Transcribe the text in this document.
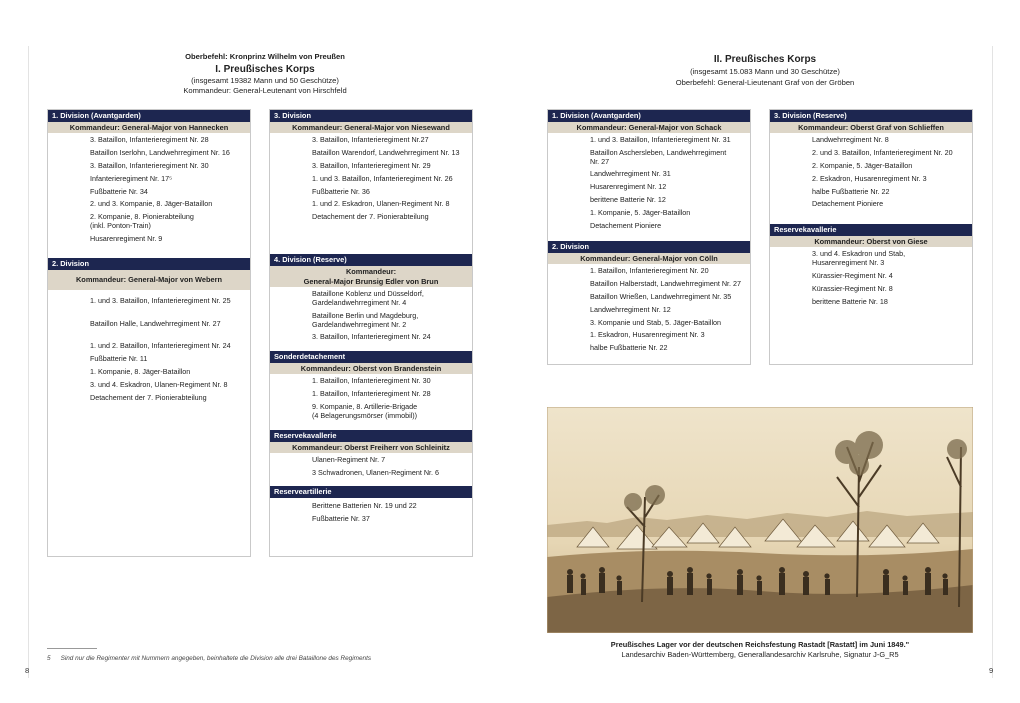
Oberbefehl: Kronprinz Wilhelm von Preußen
I. Preußisches Korps
(insgesamt 19382 Mann und 50 Geschütze)
Kommandeur: General-Leutenant von Hirschfeld
1. Division (Avantgarden)
Kommandeur: General-Major von Hannecken
3. Bataillon, Infanterieregiment Nr. 28
Bataillon Iserlohn, Landwehrregiment Nr. 16
3. Bataillon, Infanterieregiment Nr. 30
Infanterieregiment Nr. 17⁵
Fußbatterie Nr. 34
2. und 3. Kompanie, 8. Jäger-Bataillon
2. Kompanie, 8. Pionierabteilung
(inkl. Ponton-Train)
Husarenregiment Nr. 9
2. Division
Kommandeur: General-Major von Webern
1. und 3. Bataillon, Infanterieregiment Nr. 25
Bataillon Halle, Landwehrregiment Nr. 27
1. und 2. Bataillon, Infanterieregiment Nr. 24
Fußbatterie Nr. 11
1. Kompanie, 8. Jäger-Bataillon
3. und 4. Eskadron, Ulanen-Regiment Nr. 8
Detachement der 7. Pionierabteilung
3. Division
Kommandeur: General-Major von Niesewand
3. Bataillon, Infanterieregiment Nr.27
Bataillon Warendorf, Landwehrregiment Nr. 13
3. Bataillon, Infanterieregiment Nr. 29
1. und 3. Bataillon, Infanterieregiment Nr. 26
Fußbatterie Nr. 36
1. und 2. Eskadron, Ulanen-Regiment Nr. 8
Detachement der 7. Pionierabteilung
4. Division (Reserve)
Kommandeur:
General-Major Brunsig Edler von Brun
Bataillone Koblenz und Düsseldorf,
Gardelandwehrregiment Nr. 4
Bataillone Berlin und Magdeburg,
Gardelandwehrregiment Nr. 2
3. Bataillon, Infanterieregiment Nr. 24
Sonderdetachement
Kommandeur: Oberst von Brandenstein
1. Bataillon, Infanterieregiment Nr. 30
1. Bataillon, Infanterieregiment Nr. 28
9. Kompanie, 8. Artillerie-Brigade
(4 Belagerungsmörser (immobil))
Reservekavallerie
Kommandeur: Oberst Freiherr von Schleinitz
Ulanen-Regiment Nr. 7
3 Schwadronen, Ulanen-Regiment Nr. 6
Reserveartillerie
Berittene Batterien Nr. 19 und 22
Fußbatterie Nr. 37
5 Sind nur die Regimenter mit Nummern angegeben, beinhaltete die Division alle drei Bataillone des Regiments
8	9
II. Preußisches Korps
(insgesamt 15.083 Mann und 30 Geschütze)
Oberbefehl: General-Lieutenant Graf von der Gröben
1. Division (Avantgarden)
Kommandeur: General-Major von Schack
1. und 3. Bataillon, Infanterieregiment Nr. 31
Bataillon Aschersleben, Landwehrregiment
Nr. 27
Landwehrregiment Nr. 31
Husarenregiment Nr. 12
berittene Batterie Nr. 12
1. Kompanie, 5. Jäger-Bataillon
Detachement Pioniere
2. Division
Kommandeur: General-Major von Cölln
1. Bataillon, Infanterieregiment Nr. 20
Bataillon Halberstadt, Landwehrregiment Nr. 27
Bataillon Wrießen, Landwehrregiment Nr. 35
Landwehrregiment Nr. 12
3. Kompanie und Stab, 5. Jäger-Bataillon
1. Eskadron, Husarenregiment Nr. 3
halbe Fußbatterie Nr. 22
3. Division (Reserve)
Kommandeur: Oberst Graf von Schlieffen
Landwehrregiment Nr. 8
2. und 3. Bataillon, Infanterieregiment Nr. 20
2. Kompanie, 5. Jäger-Bataillon
2. Eskadron, Husarenregiment Nr. 3
halbe Fußbatterie Nr. 22
Detachement Pioniere
Reservekavallerie
Kommandeur: Oberst von Giese
3. und 4. Eskadron und Stab,
Husarenregiment Nr. 3
Kürassier-Regiment Nr. 4
Kürassier-Regiment Nr. 8
berittene Batterie Nr. 18
Preußisches Lager vor der deutschen Reichsfestung Rastadt [Rastatt] im Juni 1849."
Landesarchiv Baden-Württemberg, Generallandesarchiv Karlsruhe, Signatur J-G_R5
